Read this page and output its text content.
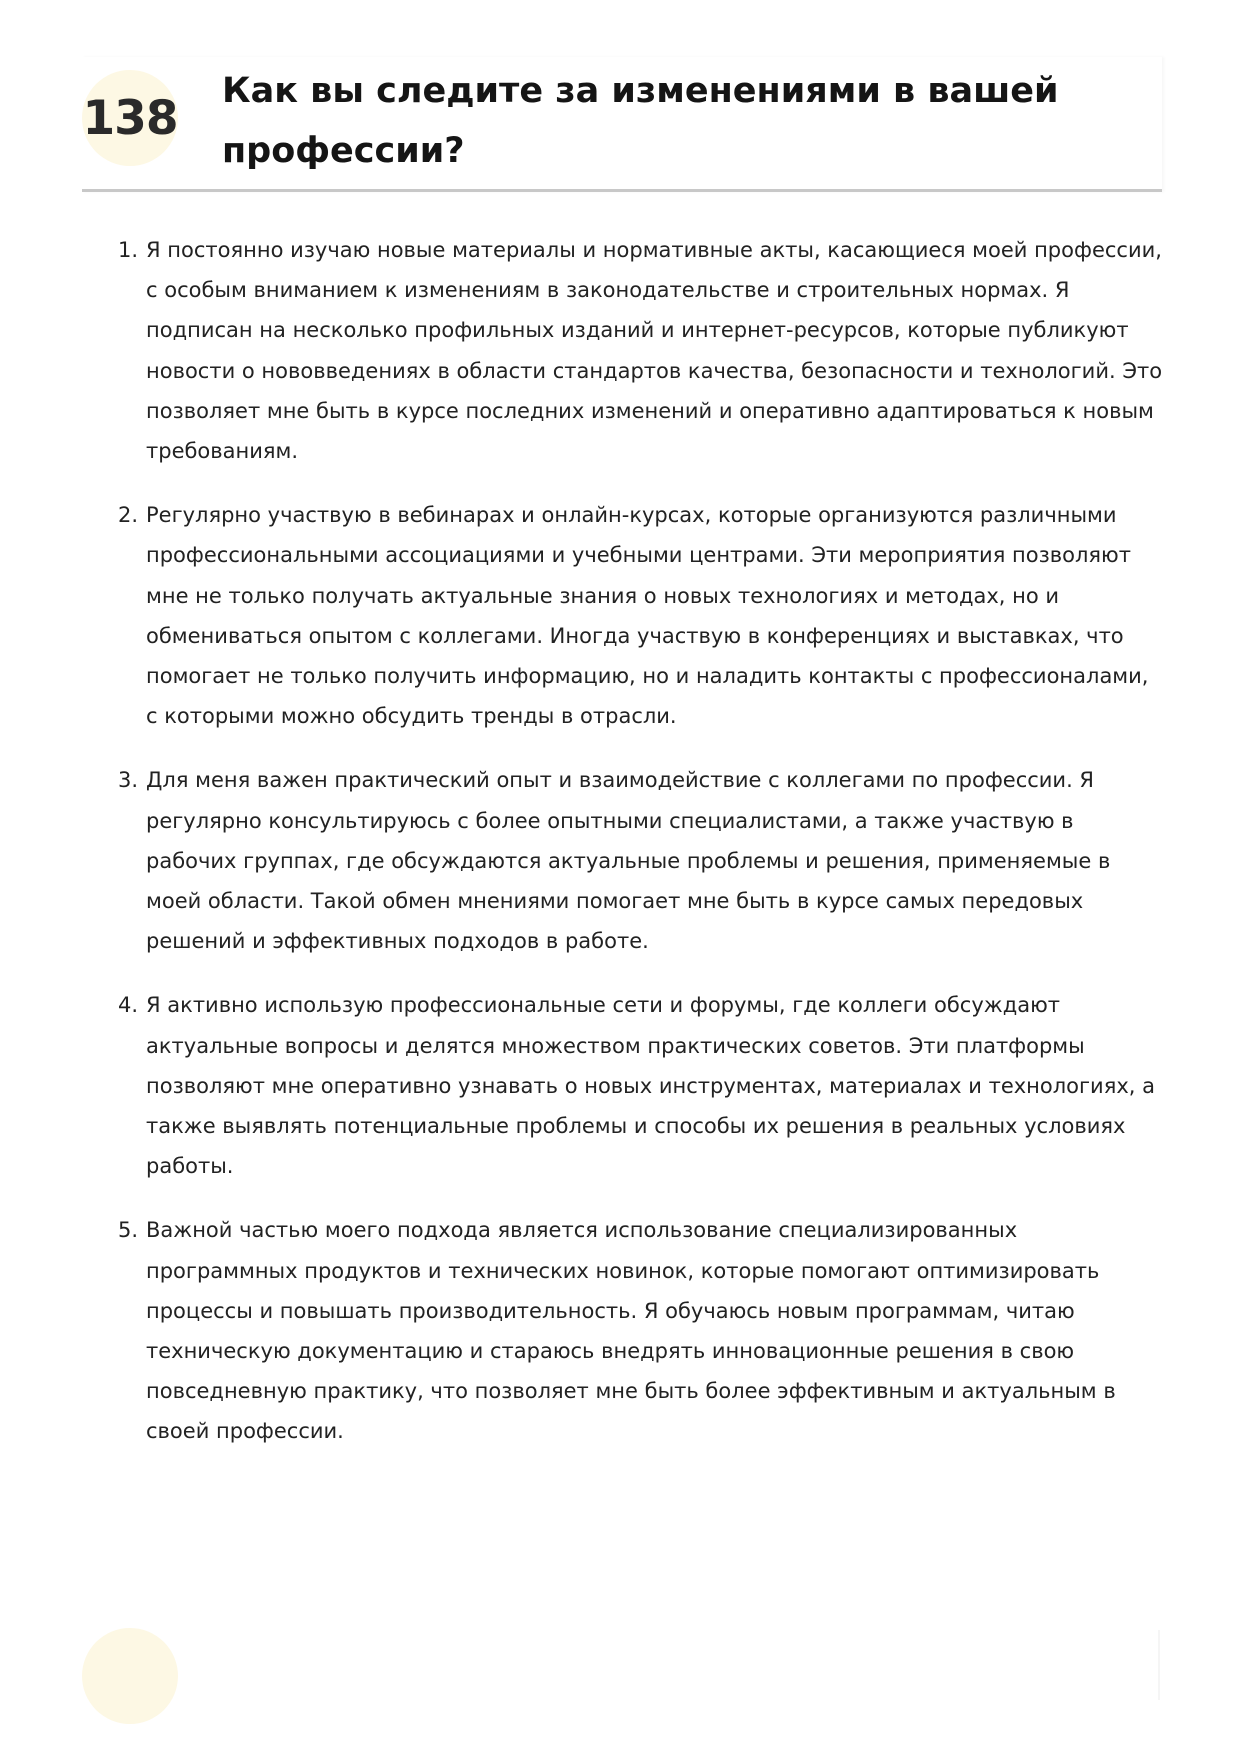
138 Как вы следите за изменениями в вашей профессии?
1. Я постоянно изучаю новые материалы и нормативные акты, касающиеся моей профессии, с особым вниманием к изменениям в законодательстве и строительных нормах. Я подписан на несколько профильных изданий и интернет-ресурсов, которые публикуют новости о нововведениях в области стандартов качества, безопасности и технологий. Это позволяет мне быть в курсе последних изменений и оперативно адаптироваться к новым требованиям.
2. Регулярно участвую в вебинарах и онлайн-курсах, которые организуются различными профессиональными ассоциациями и учебными центрами. Эти мероприятия позволяют мне не только получать актуальные знания о новых технологиях и методах, но и обмениваться опытом с коллегами. Иногда участвую в конференциях и выставках, что помогает не только получить информацию, но и наладить контакты с профессионалами, с которыми можно обсудить тренды в отрасли.
3. Для меня важен практический опыт и взаимодействие с коллегами по профессии. Я регулярно консультируюсь с более опытными специалистами, а также участвую в рабочих группах, где обсуждаются актуальные проблемы и решения, применяемые в моей области. Такой обмен мнениями помогает мне быть в курсе самых передовых решений и эффективных подходов в работе.
4. Я активно использую профессиональные сети и форумы, где коллеги обсуждают актуальные вопросы и делятся множеством практических советов. Эти платформы позволяют мне оперативно узнавать о новых инструментах, материалах и технологиях, а также выявлять потенциальные проблемы и способы их решения в реальных условиях работы.
5. Важной частью моего подхода является использование специализированных программных продуктов и технических новинок, которые помогают оптимизировать процессы и повышать производительность. Я обучаюсь новым программам, читаю техническую документацию и стараюсь внедрять инновационные решения в свою повседневную практику, что позволяет мне быть более эффективным и актуальным в своей профессии.
